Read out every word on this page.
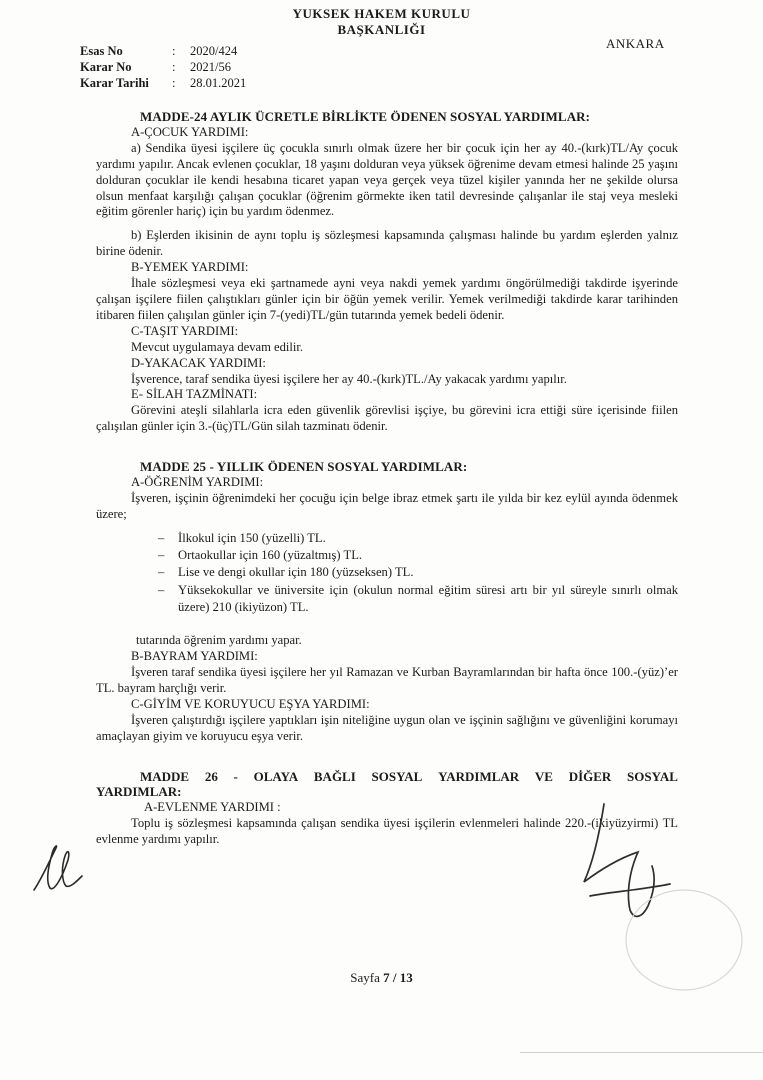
YUKSEK HAKEM KURULU
BAŞKANLIĞI
ANKARA
Esas No	:	2020/424
Karar No	:	2021/56
Karar Tarihi	:	28.01.2021
MADDE-24 AYLIK ÜCRETLE BİRLİKTE ÖDENEN SOSYAL YARDIMLAR:
A-ÇOCUK YARDIMI:
a) Sendika üyesi işçilere üç çocukla sınırlı olmak üzere her bir çocuk için her ay 40.-(kırk)TL/Ay çocuk yardımı yapılır. Ancak evlenen çocuklar, 18 yaşını dolduran veya yüksek öğrenime devam etmesi halinde 25 yaşını dolduran çocuklar ile kendi hesabına ticaret yapan veya gerçek veya tüzel kişiler yanında her ne şekilde olursa olsun menfaat karşılığı çalışan çocuklar (öğrenim görmekte iken tatil devresinde çalışanlar ile staj veya mesleki eğitim görenler hariç) için bu yardım ödenmez.
b) Eşlerden ikisinin de aynı toplu iş sözleşmesi kapsamında çalışması halinde bu yardım eşlerden yalnız birine ödenir.
B-YEMEK YARDIMI:
İhale sözleşmesi veya eki şartnamede ayni veya nakdi yemek yardımı öngörülmediği takdirde işyerinde çalışan işçilere fiilen çalıştıkları günler için bir öğün yemek verilir. Yemek verilmediği takdirde karar tarihinden itibaren fiilen çalışılan günler için 7-(yedi)TL/gün tutarında yemek bedeli ödenir.
C-TAŞIT YARDIMI:
Mevcut uygulamaya devam edilir.
D-YAKACAK YARDIMI:
İşverence, taraf sendika üyesi işçilere her ay 40.-(kırk)TL./Ay yakacak yardımı yapılır.
E- SİLAH TAZMİNATI:
Görevini ateşli silahlarla icra eden güvenlik görevlisi işçiye, bu görevini icra ettiği süre içerisinde fiilen çalışılan günler için 3.-(üç)TL/Gün silah tazminatı ödenir.
MADDE 25 - YILLIK ÖDENEN SOSYAL YARDIMLAR:
A-ÖĞRENİM YARDIMI:
İşveren, işçinin öğrenimdeki her çocuğu için belge ibraz etmek şartı ile yılda bir kez eylül ayında ödenmek üzere;
– İlkokul için 150 (yüzelli) TL.
– Ortaokullar için 160 (yüzaltmış) TL.
– Lise ve dengi okullar için 180 (yüzseksen) TL.
– Yüksekokullar ve üniversite için (okulun normal eğitim süresi artı bir yıl süreyle sınırlı olmak üzere) 210 (ikiyüzon) TL.
tutarında öğrenim yardımı yapar.
B-BAYRAM YARDIMI:
İşveren taraf sendika üyesi işçilere her yıl Ramazan ve Kurban Bayramlarından bir hafta önce 100.-(yüz)’er TL. bayram harçlığı verir.
C-GİYİM VE KORUYUCU EŞYA YARDIMI:
İşveren çalıştırdığı işçilere yaptıkları işin niteliğine uygun olan ve işçinin sağlığını ve güvenliğini korumayı amaçlayan giyim ve koruyucu eşya verir.
MADDE 26 - OLAYA BAĞLI SOSYAL YARDIMLAR VE DİĞER SOSYAL
YARDIMLAR:
A-EVLENME YARDIMI :
Toplu iş sözleşmesi kapsamında çalışan sendika üyesi işçilerin evlenmeleri halinde 220.-(ikiyüzyirmi) TL evlenme yardımı yapılır.
Sayfa 7 / 13
